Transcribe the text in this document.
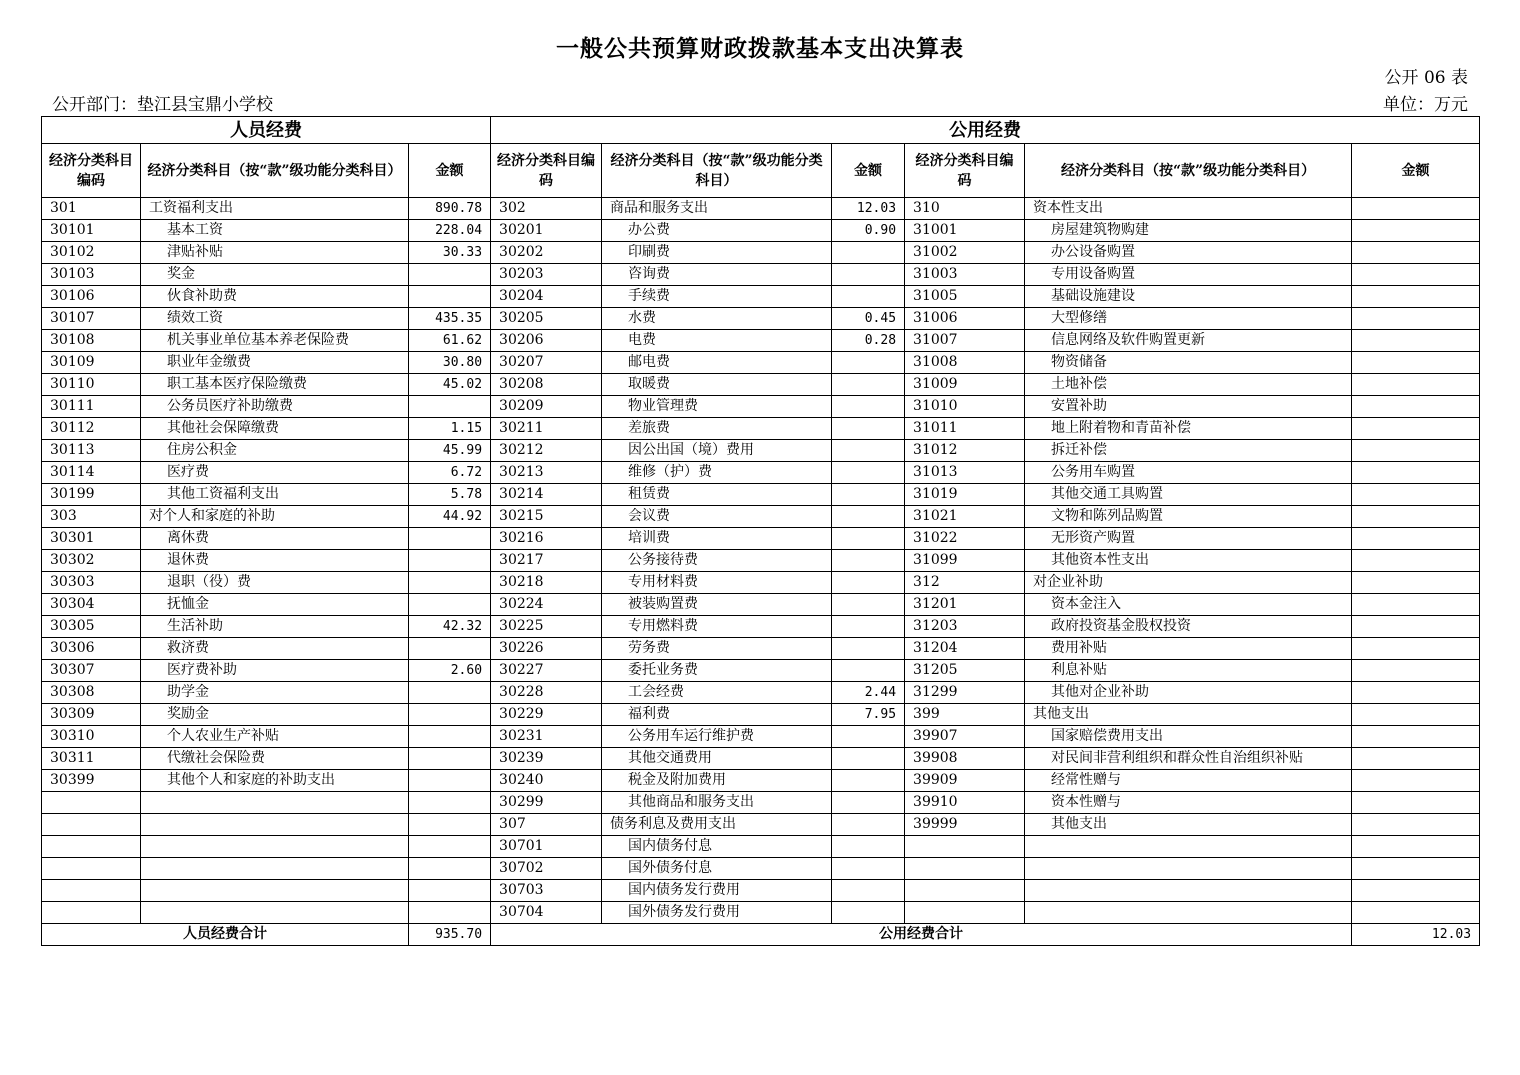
一般公共预算财政拨款基本支出决算表
公开 06 表
公开部门：垫江县宝鼎小学校	单位：万元
人员经费			公用经费					
经济分类科目编码	经济分类科目（按“款”级功能分类科目）	金额	经济分类科目编码	经济分类科目（按“款”级功能分类科目）	金额	经济分类科目编码	经济分类科目（按“款”级功能分类科目）	金额
301	工资福利支出	890.78	302	商品和服务支出	12.03	310	资本性支出	
30101	基本工资	228.04	30201	办公费	0.90	31001	房屋建筑物购建	
30102	津贴补贴	30.33	30202	印刷费		31002	办公设备购置	
30103	奖金		30203	咨询费		31003	专用设备购置	
30106	伙食补助费		30204	手续费		31005	基础设施建设	
30107	绩效工资	435.35	30205	水费	0.45	31006	大型修缮	
30108	机关事业单位基本养老保险费	61.62	30206	电费	0.28	31007	信息网络及软件购置更新	
30109	职业年金缴费	30.80	30207	邮电费		31008	物资储备	
30110	职工基本医疗保险缴费	45.02	30208	取暖费		31009	土地补偿	
30111	公务员医疗补助缴费		30209	物业管理费		31010	安置补助	
30112	其他社会保障缴费	1.15	30211	差旅费		31011	地上附着物和青苗补偿	
30113	住房公积金	45.99	30212	因公出国（境）费用		31012	拆迁补偿	
30114	医疗费	6.72	30213	维修（护）费		31013	公务用车购置	
30199	其他工资福利支出	5.78	30214	租赁费		31019	其他交通工具购置	
303	对个人和家庭的补助	44.92	30215	会议费		31021	文物和陈列品购置	
30301	离休费		30216	培训费		31022	无形资产购置	
30302	退休费		30217	公务接待费		31099	其他资本性支出	
30303	退职（役）费		30218	专用材料费		312	对企业补助	
30304	抚恤金		30224	被装购置费		31201	资本金注入	
30305	生活补助	42.32	30225	专用燃料费		31203	政府投资基金股权投资	
30306	救济费		30226	劳务费		31204	费用补贴	
30307	医疗费补助	2.60	30227	委托业务费		31205	利息补贴	
30308	助学金		30228	工会经费	2.44	31299	其他对企业补助	
30309	奖励金		30229	福利费	7.95	399	其他支出	
30310	个人农业生产补贴		30231	公务用车运行维护费		39907	国家赔偿费用支出	
30311	代缴社会保险费		30239	其他交通费用		39908	对民间非营利组织和群众性自治组织补贴	
30399	其他个人和家庭的补助支出		30240	税金及附加费用		39909	经常性赠与	
			30299	其他商品和服务支出		39910	资本性赠与	
			307	债务利息及费用支出		39999	其他支出	
			30701	国内债务付息				
			30702	国外债务付息				
			30703	国内债务发行费用				
			30704	国外债务发行费用				
人员经费合计		935.70	公用经费合计					12.03
